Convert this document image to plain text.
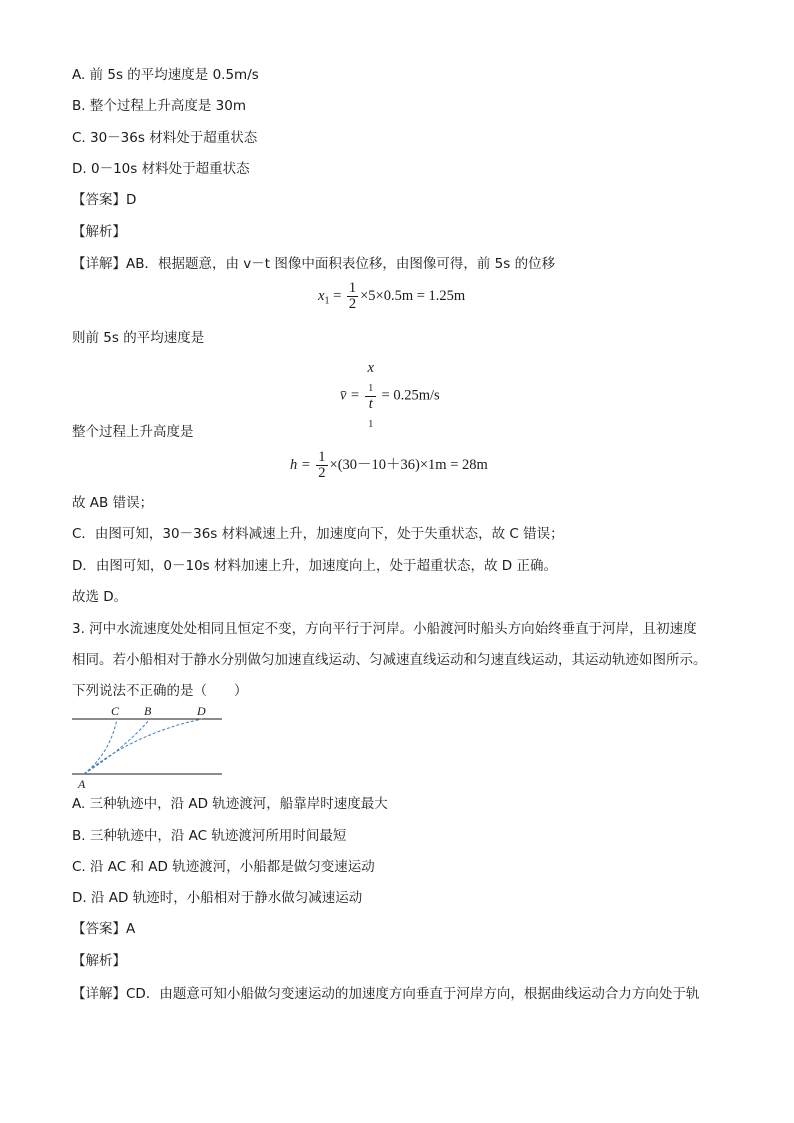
A. 前 5s 的平均速度是 0.5m/s
B. 整个过程上升高度是 30m
C. 30－36s 材料处于超重状态
D. 0－10s 材料处于超重状态
【答案】D
【解析】
【详解】AB．根据题意，由 v－t 图像中面积表位移，由图像可得，前 5s 的位移
$x_1 = \frac{1}{2} \times 5\times 0.5m = 1.25m$
则前 5s 的平均速度是
v̄ = x
$_1$
t
$_1$ = 0.25m/s
整个过程上升高度是
$h = \frac{1}{2} \times(30-10+36)\times 1m = 28m$
故 AB 错误；
C．由图可知，30－36s 材料减速上升，加速度向下，处于失重状态，故 C 错误；
D．由图可知，0－10s 材料加速上升，加速度向上，处于超重状态，故 D 正确。
故选 D。
3. 河中水流速度处处相同且恒定不变，方向平行于河岸。小船渡河时船头方向始终垂直于河岸，且初速度
相同。若小船相对于静水分别做匀加速直线运动、匀减速直线运动和匀速直线运动，其运动轨迹如图所示。
下列说法不正确的是（　　）
C B	D
A
A. 三种轨迹中，沿 AD 轨迹渡河，船靠岸时速度最大
B. 三种轨迹中，沿 AC 轨迹渡河所用时间最短
C. 沿 AC 和 AD 轨迹渡河，小船都是做匀变速运动
D. 沿 AD 轨迹时，小船相对于静水做匀减速运动
【答案】A
【解析】
【详解】CD．由题意可知小船做匀变速运动的加速度方向垂直于河岸方向，根据曲线运动合力方向处于轨
